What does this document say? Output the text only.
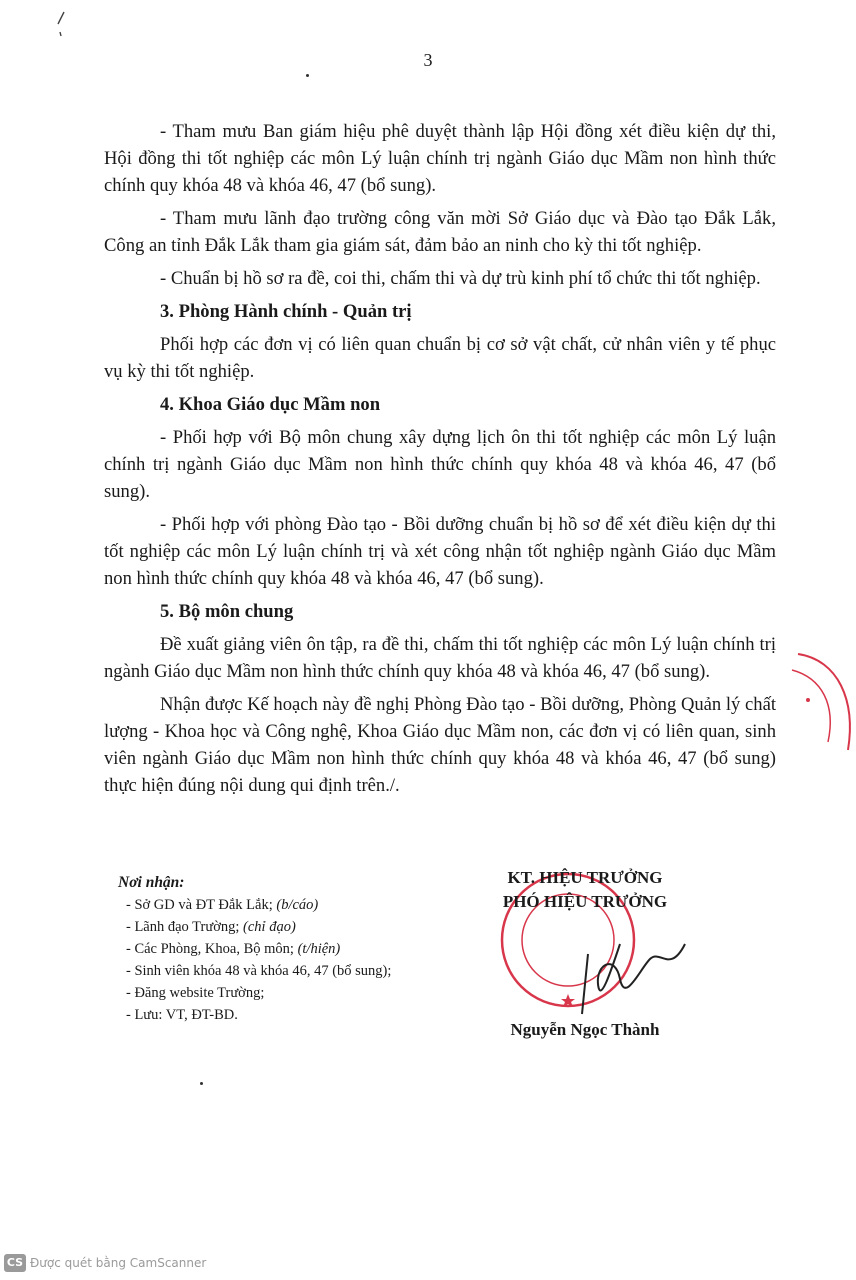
3

- Tham mưu Ban giám hiệu phê duyệt thành lập Hội đồng xét điều kiện dự thi, Hội đồng thi tốt nghiệp các môn Lý luận chính trị ngành Giáo dục Mầm non hình thức chính quy khóa 48 và khóa 46, 47 (bổ sung).

- Tham mưu lãnh đạo trường công văn mời Sở Giáo dục và Đào tạo Đắk Lắk, Công an tỉnh Đắk Lắk tham gia giám sát, đảm bảo an ninh cho kỳ thi tốt nghiệp.

- Chuẩn bị hồ sơ ra đề, coi thi, chấm thi và dự trù kinh phí tổ chức thi tốt nghiệp.

3. Phòng Hành chính - Quản trị

Phối hợp các đơn vị có liên quan chuẩn bị cơ sở vật chất, cử nhân viên y tế phục vụ kỳ thi tốt nghiệp.

4. Khoa Giáo dục Mầm non

- Phối hợp với Bộ môn chung xây dựng lịch ôn thi tốt nghiệp các môn Lý luận chính trị ngành Giáo dục Mầm non hình thức chính quy khóa 48 và khóa 46, 47 (bổ sung).

- Phối hợp với phòng Đào tạo - Bồi dưỡng chuẩn bị hồ sơ để xét điều kiện dự thi tốt nghiệp các môn Lý luận chính trị và xét công nhận tốt nghiệp ngành Giáo dục Mầm non hình thức chính quy khóa 48 và khóa 46, 47 (bổ sung).

5. Bộ môn chung

Đề xuất giảng viên ôn tập, ra đề thi, chấm thi tốt nghiệp các môn Lý luận chính trị ngành Giáo dục Mầm non hình thức chính quy khóa 48 và khóa 46, 47 (bổ sung).

Nhận được Kế hoạch này đề nghị Phòng Đào tạo - Bồi dưỡng, Phòng Quản lý chất lượng - Khoa học và Công nghệ, Khoa Giáo dục Mầm non, các đơn vị có liên quan, sinh viên ngành Giáo dục Mầm non hình thức chính quy khóa 48 và khóa 46, 47 (bổ sung) thực hiện đúng nội dung qui định trên./.

Nơi nhận:
- Sở GD và ĐT Đắk Lắk; (b/cáo)
- Lãnh đạo Trường; (chỉ đạo)
- Các Phòng, Khoa, Bộ môn; (t/hiện)
- Sinh viên khóa 48 và khóa 46, 47 (bổ sung);
- Đăng website Trường;
- Lưu: VT, ĐT-BD.
KT. HIỆU TRƯỞNG
PHÓ HIỆU TRƯỞNG
Nguyễn Ngọc Thành
CS Được quét bằng CamScanner
